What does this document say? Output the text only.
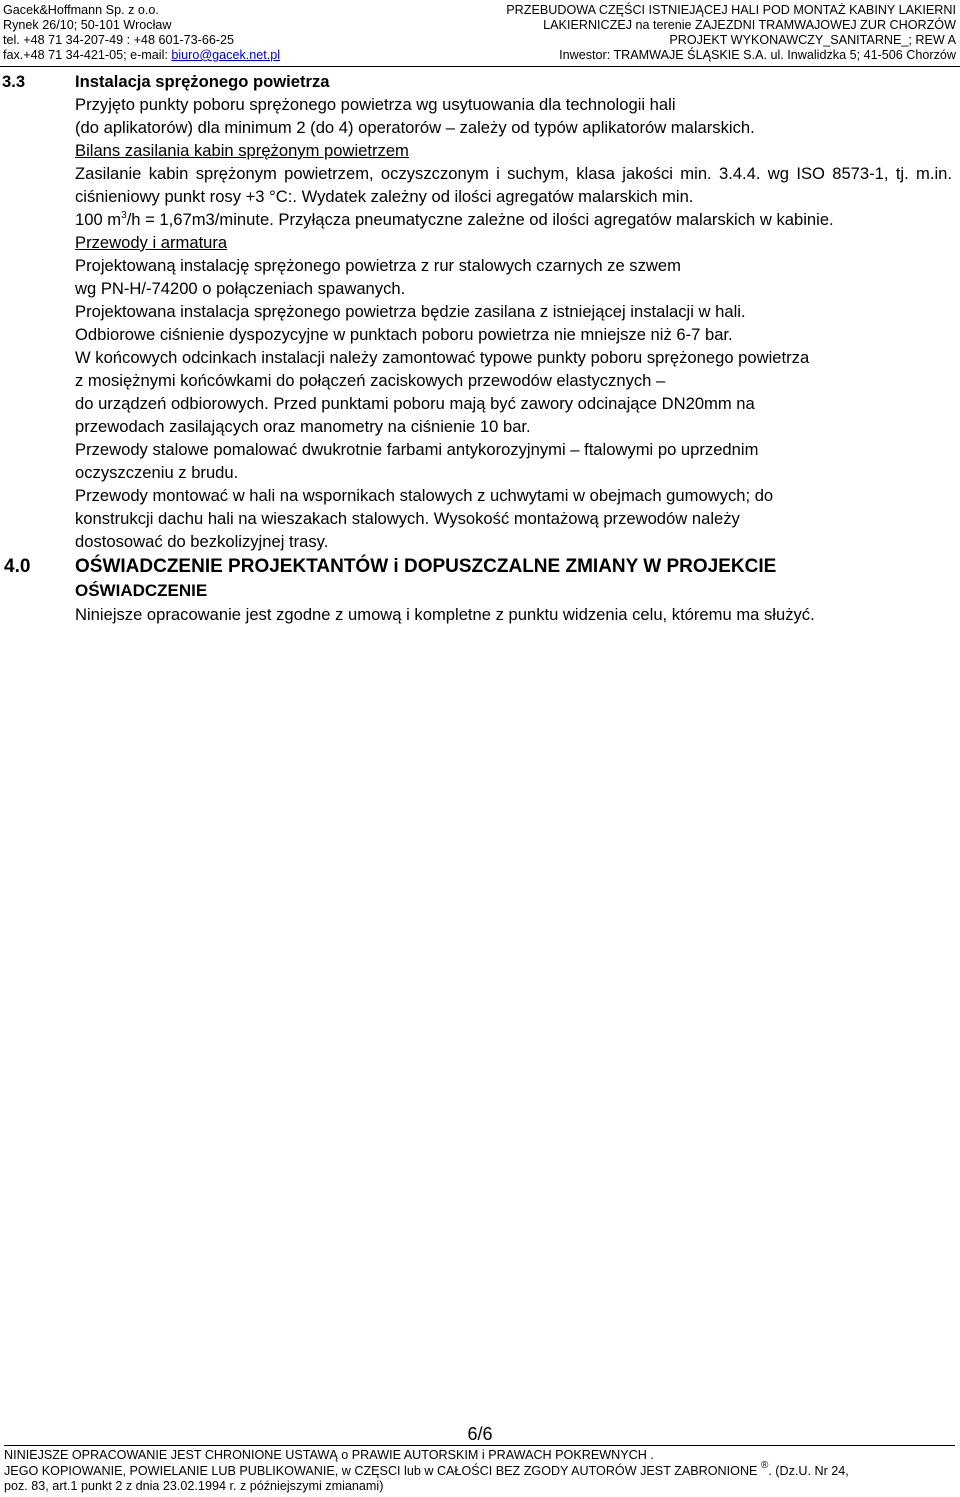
Gacek&Hoffmann Sp. z o.o.
Rynek 26/10; 50-101 Wrocław
tel. +48 71 34-207-49 : +48 601-73-66-25
fax.+48 71 34-421-05; e-mail: biuro@gacek.net.pl
PRZEBUDOWA CZĘŚCI ISTNIEJĄCEJ HALI POD MONTAŻ KABINY LAKIERNI
LAKIERNICZEJ na terenie ZAJEZDNI TRAMWAJOWEJ ZUR CHORZÓW
PROJEKT WYKONAWCZY_SANITARNE_; REW A
Inwestor: TRAMWAJE ŚLĄSKIE S.A. ul. Inwalidzka 5; 41-506 Chorzów
3.3	Instalacja sprężonego powietrza
Przyjęto punkty poboru sprężonego powietrza wg usytuowania dla technologii hali
(do aplikatorów) dla minimum 2 (do 4) operatorów – zależy od typów aplikatorów malarskich.
Bilans zasilania kabin sprężonym powietrzem
Zasilanie kabin sprężonym powietrzem, oczyszczonym i suchym, klasa jakości min. 3.4.4. wg ISO 8573-1, tj. m.in. ciśnieniowy punkt rosy +3 °C:. Wydatek zależny od ilości agregatów malarskich min.
100 $m^3/h$ = 1,67m3/minute. Przyłącza pneumatyczne zależne od ilości agregatów malarskich w kabinie.
Przewody i armatura
Projektowaną instalację sprężonego powietrza z rur stalowych czarnych ze szwem
wg PN-H/-74200 o połączeniach spawanych.
Projektowana instalacja sprężonego powietrza będzie zasilana z istniejącej instalacji w hali.
Odbiorowe ciśnienie dyspozycyjne w punktach poboru powietrza nie mniejsze niż 6-7 bar.
W końcowych odcinkach instalacji należy zamontować typowe punkty poboru sprężonego powietrza
z mosiężnymi końcówkami do połączeń zaciskowych przewodów elastycznych –
do urządzeń odbiorowych. Przed punktami poboru mają być zawory odcinające DN20mm na
przewodach zasilających oraz manometry na ciśnienie 10 bar.
Przewody stalowe pomalować dwukrotnie farbami antykorozyjnymi – ftalowymi po uprzednim
oczyszczeniu z brudu.
Przewody montować w hali na wspornikach stalowych z uchwytami w obejmach gumowych; do
konstrukcji dachu hali na wieszakach stalowych. Wysokość montażową przewodów należy
dostosować do bezkolizyjnej trasy.
4.0 OŚWIADCZENIE PROJEKTANTÓW i DOPUSZCZALNE ZMIANY W PROJEKCIE
OŚWIADCZENIE
Niniejsze opracowanie jest zgodne z umową i kompletne z punktu widzenia celu, któremu ma służyć.
6/6
NINIEJSZE OPRACOWANIE JEST CHRONIONE USTAWĄ o PRAWIE AUTORSKIM i PRAWACH POKREWNYCH .
JEGO KOPIOWANIE, POWIELANIE LUB PUBLIKOWANIE, w CZĘSCI lub w CAŁOŚCI BEZ ZGODY AUTORÓW JEST ZABRONIONE ®. (Dz.U. Nr 24,
poz. 83, art.1 punkt 2 z dnia 23.02.1994 r. z późniejszymi zmianami)
